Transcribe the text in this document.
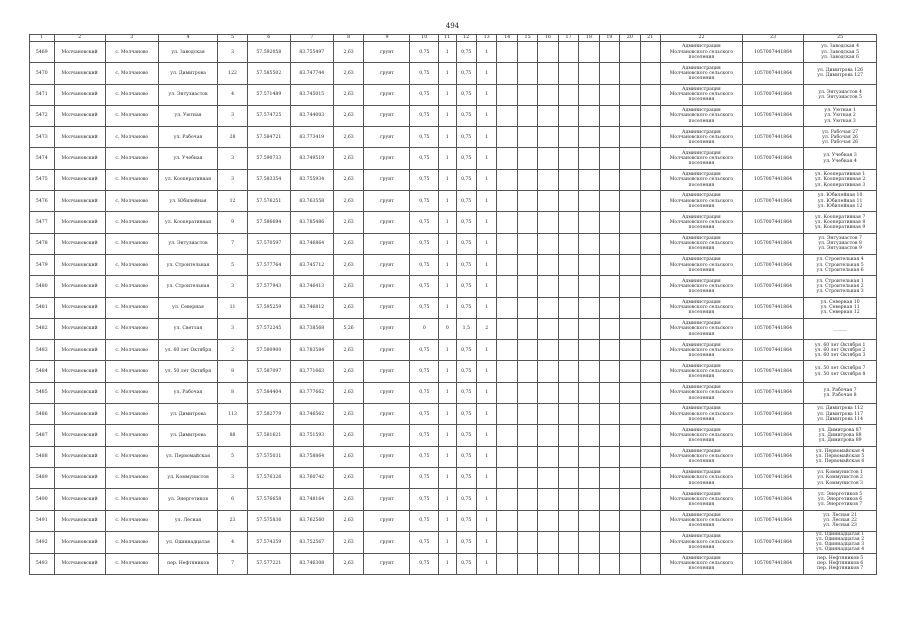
494
1	2	3	4	5	6	7	8	9	10	11	12	13	14	15	16	17	18	19	20	21	22	23	25
5469	Молчановский	с. Молчаново	ул. Заводская	3	57.592058	83.755497	2,63	грунт	0,75	1	0,75	1									Администрация
Молчановского сельского
поселения	1057007441864	ул. Заводская 4
ул. Заводская 5
ул. Заводская 6

5470	Молчановский	с. Молчаново	ул. Димитрова	122	57.585502	83.747744	2,63	грунт	0,75	1	0,75	1									Администрация
Молчановского сельского
поселения	1057007441864	ул. Димитрова 126
ул. Димитрова 127

5471	Молчановский	с. Молчаново	ул. Энтузиастов	4	57.571489	83.745015	2,63	грунт	0,75	1	0,75	1									Администрация
Молчановского сельского
поселения	1057007441864	ул. Энтузиастов 4
ул. Энтузиастов 5

5472	Молчановский	с. Молчаново	ул. Уютная	3	57.574725	83.744003	2,63	грунт	0,75	1	0,75	1									Администрация
Молчановского сельского
поселения	1057007441864	ул. Уютная 1
ул. Уютная 2
ул. Уютная 3

5473	Молчановский	с. Молчаново	ул. Рабочая	28	57.584721	83.773419	2,63	грунт	0,75	1	0,75	1									Администрация
Молчановского сельского
поселения	1057007441864	ул. Рабочая 27
ул. Рабочая 26
ул. Рабочая 26

5474	Молчановский	с. Молчаново	ул. Учебная	3	57.590733	83.749519	2,63	грунт	0,75	1	0,75	1									Администрация
Молчановского сельского
поселения	1057007441864	ул. Учебная 3
ул. Учебная 4

5475	Молчановский	с. Молчаново	ул. Кооперативная	3	57.583354	83.755934	2,63	грунт	0,75	1	0,75	1									Администрация
Молчановского сельского
поселения	1057007441864	ул. Кооперативная 1
ул. Кооперативная 2
ул. Кооперативная 3

5476	Молчановский	с. Молчаново	ул. Юбилейная	12	57.576251	83.763558	2,63	грунт	0,75	1	0,75	1									Администрация
Молчановского сельского
поселения	1057007441864	ул. Юбилейная 10
ул. Юбилейная 11
ул. Юбилейная 12

5477	Молчановский	с. Молчаново	ул. Кооперативная	9	57.586694	83.785486	2,63	грунт	0,75	1	0,75	1									Администрация
Молчановского сельского
поселения	1057007441864	ул. Кооперативная 7
ул. Кооперативная 8
ул. Кооперативная 9

5478	Молчановский	с. Молчаново	ул. Энтузиастов	7	57.570597	83.746864	2,63	грунт	0,75	1	0,75	1									Администрация
Молчановского сельского
поселения	1057007441864	ул. Энтузиастов 7
ул. Энтузиастов 8
ул. Энтузиастов 9

5479	Молчановский	с. Молчаново	ул. Строительная	5	57.577764	83.745712	2,63	грунт	0,75	1	0,75	1									Администрация
Молчановского сельского
поселения	1057007441864	ул. Строительная 4
ул. Строительная 5
ул. Строительная 6

5480	Молчановский	с. Молчаново	ул. Строительная	3	57.577943	83.746413	2,63	грунт	0,75	1	0,75	1									Администрация
Молчановского сельского
поселения	1057007441864	ул. Строительная 1
ул. Строительная 2
ул. Строительная 3

5481	Молчановский	с. Молчаново	ул. Северная	11	57.595259	83.746812	2,63	грунт	0,75	1	0,75	1									Администрация
Молчановского сельского
поселения	1057007441864	ул. Северная 10
ул. Северная 11
ул. Северная 12

5482	Молчановский	с. Молчаново	ул. Светлая	3	57.572245	83.738568	5,26	грунт	0	0	1,5	2									Администрация
Молчановского сельского
поселения	1057007441864	______

5483	Молчановский	с. Молчаново	ул. 60 лет Октября	2	57.580900	83.783584	2,63	грунт	0,75	1	0,75	1									Администрация
Молчановского сельского
поселения	1057007441864	ул. 60 лет Октября 1
ул. 60 лет Октября 2
ул. 60 лет Октября 3

5484	Молчановский	с. Молчаново	ул. 50 лет Октября	8	57.587097	83.771663	2,63	грунт	0,75	1	0,75	1									Администрация
Молчановского сельского
поселения	1057007441864	ул. 50 лет Октября 7
ул. 50 лет Октября 8

5485	Молчановский	с. Молчаново	ул. Рабочая	8	57.584404	83.777662	2,63	грунт	0,75	1	0,75	1									Администрация
Молчановского сельского
поселения	1057007441864	ул. Рабочая 7
ул. Рабочая 8

5486	Молчановский	с. Молчаново	ул. Димитрова	113	57.582779	83.746562	2,63	грунт	0,75	1	0,75	1									Администрация
Молчановского сельского
поселения	1057007441864	ул. Димитрова 112
ул. Димитрова 117
ул. Димитрова 114

5487	Молчановский	с. Молчаново	ул. Димитрова	88	57.581621	83.751593	2,63	грунт	0,75	1	0,75	1									Администрация
Молчановского сельского
поселения	1057007441864	ул. Димитрова 87
ул. Димитрова 88
ул. Димитрова 89

5488	Молчановский	с. Молчаново	ул. Первомайская	5	57.575031	83.758864	2,63	грунт	0,75	1	0,75	1									Администрация
Молчановского сельского
поселения	1057007441864	ул. Первомайская 4
ул. Первомайская 5
ул. Первомайская 6

5489	Молчановский	с. Молчаново	ул. Коммунистов	3	57.576326	83.760742	2,63	грунт	0,75	1	0,75	1									Администрация
Молчановского сельского
поселения	1057007441864	ул. Коммунистов 1
ул. Коммунистов 2
ул. Коммунистов 3

5490	Молчановский	с. Молчаново	ул. Энергетиков	6	57.576658	83.748164	2,63	грунт	0,75	1	0,75	1									Администрация
Молчановского сельского
поселения	1057007441864	ул. Энергетиков 5
ул. Энергетиков 6
ул. Энергетиков 7

5491	Молчановский	с. Молчаново	ул. Лесная	23	57.575836	83.762560	2,63	грунт	0,75	1	0,75	1									Администрация
Молчановского сельского
поселения	1057007441864	ул. Лесная 21
ул. Лесная 22
ул. Лесная 23

5492	Молчановский	с. Молчаново	ул. Одиннадцатая	4	57.574359	83.752567	2,63	грунт	0,75	1	0,75	1									Администрация
Молчановского сельского
поселения	1057007441864	ул. Одиннадцатая 1
ул. Одиннадцатая 2
ул. Одиннадцатая 3
ул. Одиннадцатая 4

5493	Молчановский	с. Молчаново	пер. Нефтяников	7	57.577221	83.746308	2,63	грунт	0,75	1	0,75	1									Администрация
Молчановского сельского
поселения	1057007441864	пер. Нефтяников 5
пер. Нефтяников 6
пер. Нефтяников 7
